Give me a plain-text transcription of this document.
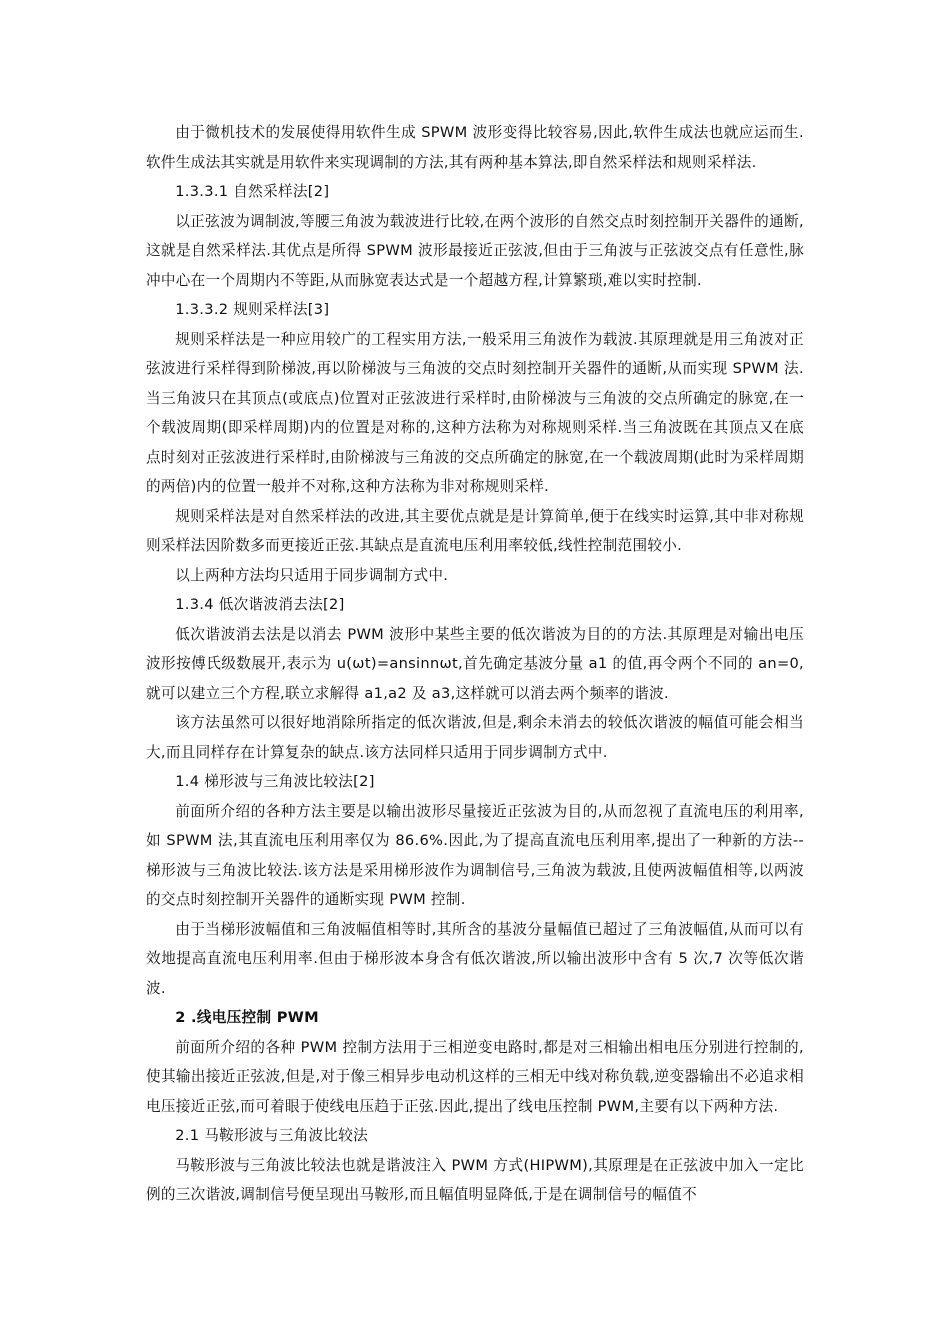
由于微机技术的发展使得用软件生成 SPWM 波形变得比较容易,因此,软件生成法也就应运而生.软件生成法其实就是用软件来实现调制的方法,其有两种基本算法,即自然采样法和规则采样法.

1.3.3.1 自然采样法[2]

以正弦波为调制波,等腰三角波为载波进行比较,在两个波形的自然交点时刻控制开关器件的通断,这就是自然采样法.其优点是所得 SPWM 波形最接近正弦波,但由于三角波与正弦波交点有任意性,脉冲中心在一个周期内不等距,从而脉宽表达式是一个超越方程,计算繁琐,难以实时控制.

1.3.3.2 规则采样法[3]

规则采样法是一种应用较广的工程实用方法,一般采用三角波作为载波.其原理就是用三角波对正弦波进行采样得到阶梯波,再以阶梯波与三角波的交点时刻控制开关器件的通断,从而实现 SPWM 法.当三角波只在其顶点(或底点)位置对正弦波进行采样时,由阶梯波与三角波的交点所确定的脉宽,在一个载波周期(即采样周期)内的位置是对称的,这种方法称为对称规则采样.当三角波既在其顶点又在底点时刻对正弦波进行采样时,由阶梯波与三角波的交点所确定的脉宽,在一个载波周期(此时为采样周期的两倍)内的位置一般并不对称,这种方法称为非对称规则采样.

规则采样法是对自然采样法的改进,其主要优点就是是计算简单,便于在线实时运算,其中非对称规则采样法因阶数多而更接近正弦.其缺点是直流电压利用率较低,线性控制范围较小.

以上两种方法均只适用于同步调制方式中.

1.3.4 低次谐波消去法[2]

低次谐波消去法是以消去 PWM 波形中某些主要的低次谐波为目的的方法.其原理是对输出电压波形按傅氏级数展开,表示为 u(ωt)=ansinnωt,首先确定基波分量 a1 的值,再令两个不同的 an=0,就可以建立三个方程,联立求解得 a1,a2 及 a3,这样就可以消去两个频率的谐波.

该方法虽然可以很好地消除所指定的低次谐波,但是,剩余未消去的较低次谐波的幅值可能会相当大,而且同样存在计算复杂的缺点.该方法同样只适用于同步调制方式中.

1.4 梯形波与三角波比较法[2]

前面所介绍的各种方法主要是以输出波形尽量接近正弦波为目的,从而忽视了直流电压的利用率,如 SPWM 法,其直流电压利用率仅为 86.6%.因此,为了提高直流电压利用率,提出了一种新的方法--梯形波与三角波比较法.该方法是采用梯形波作为调制信号,三角波为载波,且使两波幅值相等,以两波的交点时刻控制开关器件的通断实现 PWM 控制.

由于当梯形波幅值和三角波幅值相等时,其所含的基波分量幅值已超过了三角波幅值,从而可以有效地提高直流电压利用率.但由于梯形波本身含有低次谐波,所以输出波形中含有 5 次,7 次等低次谐波.

2 .线电压控制 PWM

前面所介绍的各种 PWM 控制方法用于三相逆变电路时,都是对三相输出相电压分别进行控制的,使其输出接近正弦波,但是,对于像三相异步电动机这样的三相无中线对称负载,逆变器输出不必追求相电压接近正弦,而可着眼于使线电压趋于正弦.因此,提出了线电压控制 PWM,主要有以下两种方法.

2.1 马鞍形波与三角波比较法

马鞍形波与三角波比较法也就是谐波注入 PWM 方式(HIPWM),其原理是在正弦波中加入一定比例的三次谐波,调制信号便呈现出马鞍形,而且幅值明显降低,于是在调制信号的幅值不
